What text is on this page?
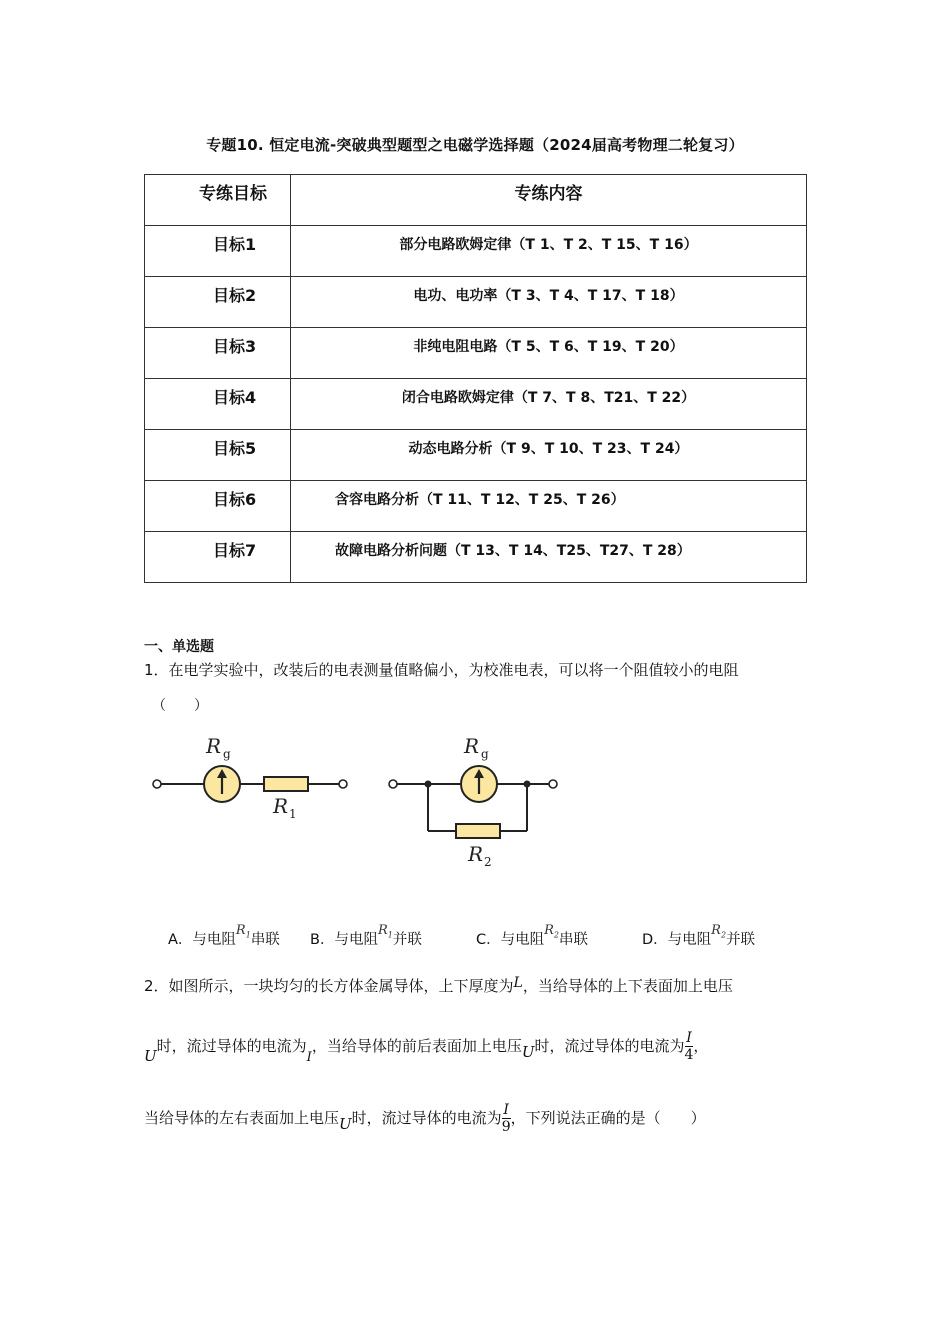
专题10. 恒定电流-突破典型题型之电磁学选择题（2024届高考物理二轮复习）
专练目标	专练内容

目标1	部分电路欧姆定律（T 1、T 2、T 15、T 16）

目标2	电功、电功率（T 3、T 4、T 17、T 18）

目标3	非纯电阻电路（T 5、T 6、T 19、T 20）

目标4	闭合电路欧姆定律（T 7、T 8、T21、T 22）

目标5	动态电路分析（T 9、T 10、T 23、T 24）

目标6	含容电路分析（T 11、T 12、T 25、T 26）

目标7	故障电路分析问题（T 13、T 14、T25、T27、T 28）
一、单选题
1．在电学实验中，改装后的电表测量值略偏小，为校准电表，可以将一个阻值较小的电阻
（　　）
R g
R 1
R g
R 2
A．与电阻$R_1$串联 B．与电阻$R_1$并联	C．与电阻$R_2$串联	D．与电阻$R_2$并联
2．如图所示，一块均匀的长方体金属导体，上下厚度为L，当给导体的上下表面加上电压
U时，流过导体的电流为I，当给导体的前后表面加上电压U时，流过导体的电流为 $\frac{I}{4}$ ，
当给导体的左右表面加上电压U时，流过导体的电流为 $\frac{I}{9}$ ，下列说法正确的是（　　）
